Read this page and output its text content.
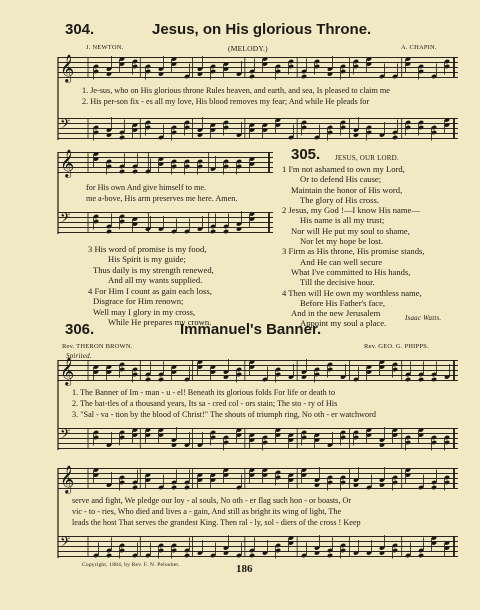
304.	Jesus, on His glorious Throne.
J. NEWTON.	(MELODY.)	A. CHAPIN.
1. Je-sus, who on His glorious throne Rules heaven, and earth, and sea, Is pleased to claim me
2. His per-son fix - es all my love, His blood removes my fear; And while He pleads for
for His own And give himself to me.
me a-bove, His arm preserves me here. Amen.
3 His word of promise is my food,
His Spirit is my guide;
Thus daily is my strength renewed,
And all my wants supplied.
4 For Him I count as gain each loss,
Disgrace for Him renown;
Well may I glory in my cross,
While He prepares my crown.
305. JESUS, OUR LORD.
1 I'm not ashamed to own my Lord,
Or to defend His cause;
Maintain the honor of His word,
The glory of His cross.
2 Jesus, my God !—I know His name—
His name is all my trust;
Nor will He put my soul to shame,
Nor let my hope be lost.
3 Firm as His throne, His promise stands,
And He can well secure
What I've committed to His hands,
Till the decisive hour.
4 Then will He own my worthless name,
Before His Father's face,
And in the new Jerusalem
Appoint my soul a place.
Isaac Watts.
306.	Immanuel's Banner.
Rev. THERON BROWN.	Rev. GEO. G. PHIPPS.
Spirited.
1. The Banner of Im - man - u - el! Beneath its glorious folds For life or death to
2. The bat-tles of a thousand years, Its sa - cred col - ors stain; The sto - ry of His
3. "Sal - va - tion by the blood of Christ!" The shouts of triumph ring, No oth - er watchword
serve and fight, We pledge our loy - al souls, No oth - er flag such hon - or boasts, Or
vic - to - ries, Who died and lives a - gain, And still as bright its wing of light, The
leads the host That serves the grandest King. Then ral - ly, sol - diers of the cross ! Keep
Copyright, 1884, by Rev. F. N. Peloubet.	186
𝄞
𝄢
𝄞
𝄢
𝄞
𝄢
𝄞
𝄢
